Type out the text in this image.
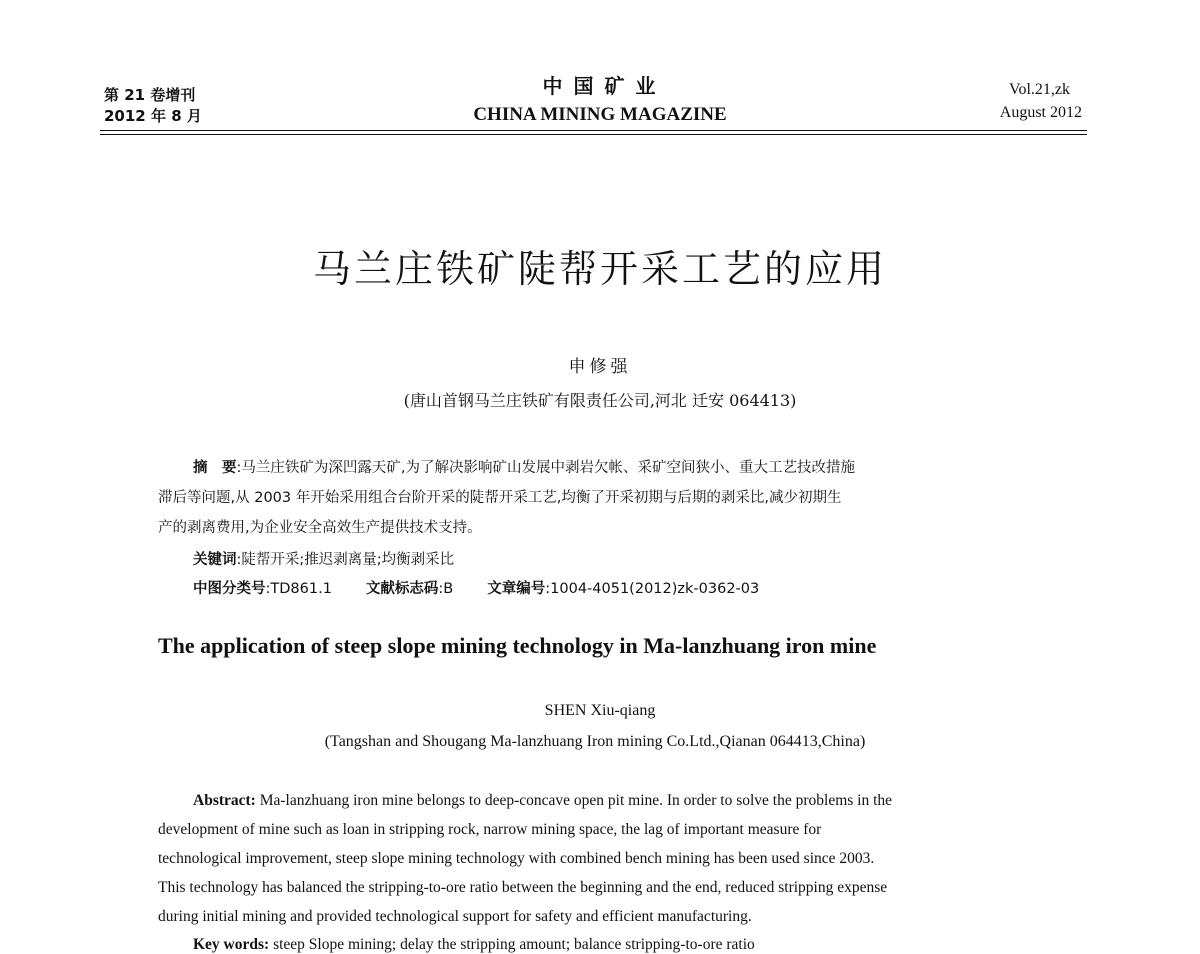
第 21 卷增刊
2012 年 8 月
中 国 矿 业
CHINA MINING MAGAZINE
Vol.21,zk
August 2012
马兰庄铁矿陡帮开采工艺的应用
申修强
(唐山首钢马兰庄铁矿有限责任公司,河北 迁安 064413)
摘　要:马兰庄铁矿为深凹露天矿,为了解决影响矿山发展中剥岩欠帐、采矿空间狭小、重大工艺技改措施
滞后等问题,从 2003 年开始采用组合台阶开采的陡帮开采工艺,均衡了开采初期与后期的剥采比,减少初期生
产的剥离费用,为企业安全高效生产提供技术支持。
关键词:陡帮开采;推迟剥离量;均衡剥采比
中图分类号:TD861.1 文献标志码:B 文章编号:1004-4051(2012)zk-0362-03
The application of steep slope mining technology in Ma-lanzhuang iron mine
SHEN Xiu-qiang
(Tangshan and Shougang Ma-lanzhuang Iron mining Co.Ltd.,Qianan 064413,China)
Abstract: Ma-lanzhuang iron mine belongs to deep-concave open pit mine. In order to solve the problems in the
development of mine such as loan in stripping rock, narrow mining space, the lag of important measure for
technological improvement, steep slope mining technology with combined bench mining has been used since 2003.
This technology has balanced the stripping-to-ore ratio between the beginning and the end, reduced stripping expense
during initial mining and provided technological support for safety and efficient manufacturing.
Key words: steep Slope mining; delay the stripping amount; balance stripping-to-ore ratio
